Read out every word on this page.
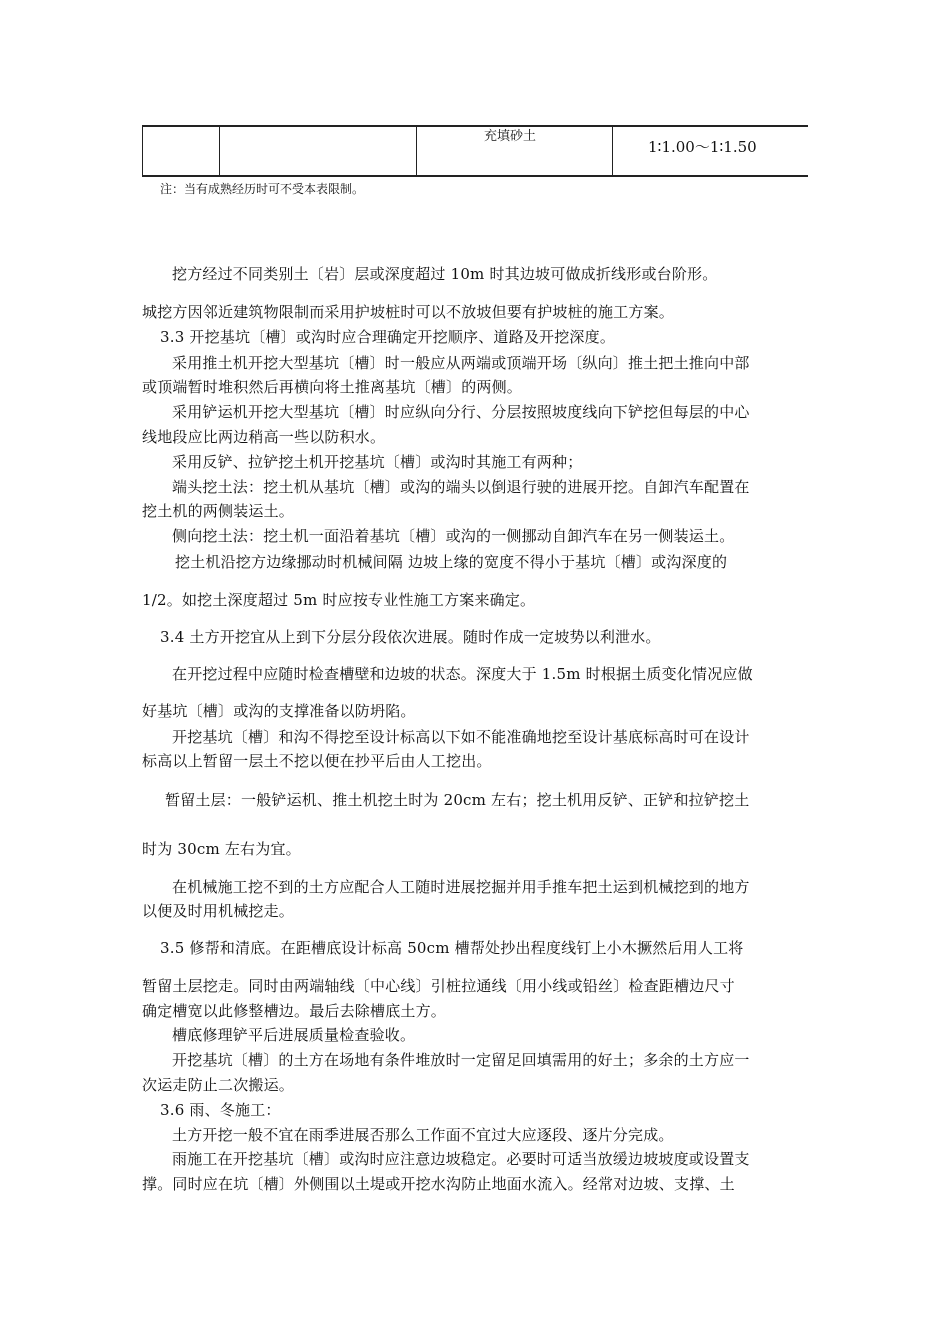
充填砂土
1∶1.00～1∶1.50
注：当有成熟经历时可不受本表限制。
挖方经过不同类别土〔岩〕层或深度超过 10m 时其边坡可做成折线形或台阶形。
城挖方因邻近建筑物限制而采用护坡桩时可以不放坡但要有护坡桩的施工方案。
3.3 开挖基坑〔槽〕或沟时应合理确定开挖顺序、道路及开挖深度。
采用推土机开挖大型基坑〔槽〕时一般应从两端或顶端开场〔纵向〕推土把土推向中部
或顶端暂时堆积然后再横向将土推离基坑〔槽〕的两侧。
采用铲运机开挖大型基坑〔槽〕时应纵向分行、分层按照坡度线向下铲挖但每层的中心
线地段应比两边稍高一些以防积水。
采用反铲、拉铲挖土机开挖基坑〔槽〕或沟时其施工有两种；
端头挖土法：挖土机从基坑〔槽〕或沟的端头以倒退行驶的进展开挖。自卸汽车配置在
挖土机的两侧装运土。
侧向挖土法：挖土机一面沿着基坑〔槽〕或沟的一侧挪动自卸汽车在另一侧装运土。
挖土机沿挖方边缘挪动时机械间隔 边坡上缘的宽度不得小于基坑〔槽〕或沟深度的
1/2。如挖土深度超过 5m 时应按专业性施工方案来确定。
3.4 土方开挖宜从上到下分层分段依次进展。随时作成一定坡势以利泄水。
在开挖过程中应随时检查槽壁和边坡的状态。深度大于 1.5m 时根据土质变化情况应做
好基坑〔槽〕或沟的支撑准备以防坍陷。
开挖基坑〔槽〕和沟不得挖至设计标高以下如不能准确地挖至设计基底标高时可在设计
标高以上暂留一层土不挖以便在抄平后由人工挖出。
暂留土层：一般铲运机、推土机挖土时为 20cm 左右；挖土机用反铲、正铲和拉铲挖土
时为 30cm 左右为宜。
在机械施工挖不到的土方应配合人工随时进展挖掘并用手推车把土运到机械挖到的地方
以便及时用机械挖走。
3.5 修帮和清底。在距槽底设计标高 50cm 槽帮处抄出程度线钉上小木撅然后用人工将
暂留土层挖走。同时由两端轴线〔中心线〕引桩拉通线〔用小线或铅丝〕检查距槽边尺寸
确定槽宽以此修整槽边。最后去除槽底土方。
槽底修理铲平后进展质量检查验收。
开挖基坑〔槽〕的土方在场地有条件堆放时一定留足回填需用的好土；多余的土方应一
次运走防止二次搬运。
3.6 雨、冬施工：
土方开挖一般不宜在雨季进展否那么工作面不宜过大应逐段、逐片分完成。
雨施工在开挖基坑〔槽〕或沟时应注意边坡稳定。必要时可适当放缓边坡坡度或设置支
撑。同时应在坑〔槽〕外侧围以土堤或开挖水沟防止地面水流入。经常对边坡、支撑、土
